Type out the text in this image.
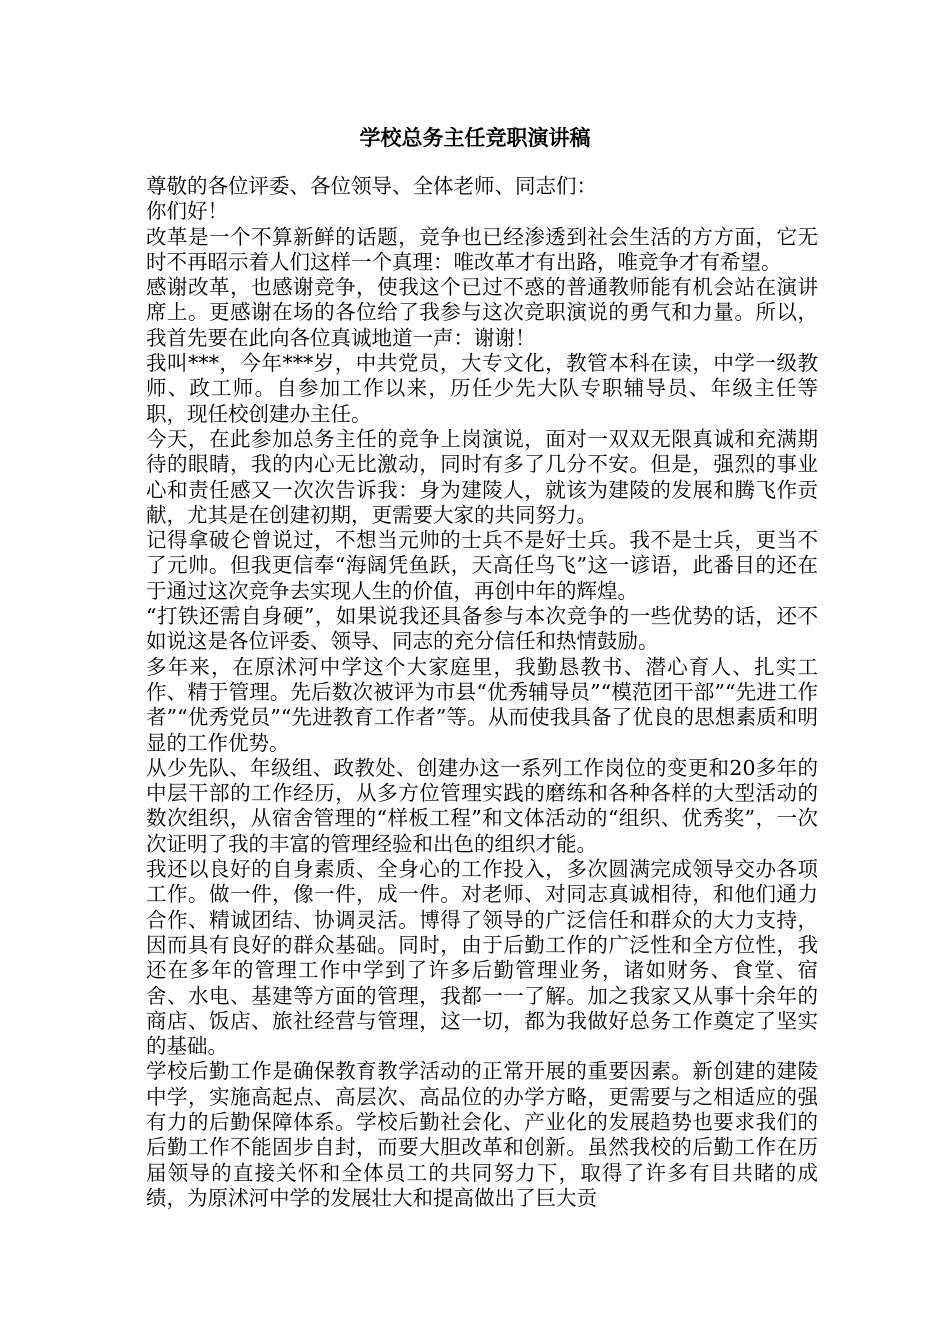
学校总务主任竞职演讲稿

尊敬的各位评委、各位领导、全体老师、同志们：

你们好！

改革是一个不算新鲜的话题，竞争也已经渗透到社会生活的方方面，它无时不再昭示着人们这样一个真理：唯改革才有出路，唯竞争才有希望。

感谢改革，也感谢竞争，使我这个已过不惑的普通教师能有机会站在演讲席上。更感谢在场的各位给了我参与这次竞职演说的勇气和力量。所以，我首先要在此向各位真诚地道一声：谢谢！

我叫***，今年***岁，中共党员，大专文化，教管本科在读，中学一级教师、政工师。自参加工作以来，历任少先大队专职辅导员、年级主任等职，现任校创建办主任。

今天，在此参加总务主任的竞争上岗演说，面对一双双无限真诚和充满期待的眼睛，我的内心无比激动，同时有多了几分不安。但是，强烈的事业心和责任感又一次次告诉我：身为建陵人，就该为建陵的发展和腾飞作贡献，尤其是在创建初期，更需要大家的共同努力。

记得拿破仑曾说过，不想当元帅的士兵不是好士兵。我不是士兵，更当不了元帅。但我更信奉“海阔凭鱼跃，天高任鸟飞”这一谚语，此番目的还在于通过这次竞争去实现人生的价值，再创中年的辉煌。

“打铁还需自身硬”，如果说我还具备参与本次竞争的一些优势的话，还不如说这是各位评委、领导、同志的充分信任和热情鼓励。

多年来，在原沭河中学这个大家庭里，我勤恳教书、潜心育人、扎实工作、精于管理。先后数次被评为市县“优秀辅导员”“模范团干部”“先进工作者”“优秀党员”“先进教育工作者”等。从而使我具备了优良的思想素质和明显的工作优势。

从少先队、年级组、政教处、创建办这一系列工作岗位的变更和20多年的中层干部的工作经历，从多方位管理实践的磨练和各种各样的大型活动的数次组织，从宿舍管理的“样板工程”和文体活动的“组织、优秀奖”，一次次证明了我的丰富的管理经验和出色的组织才能。

我还以良好的自身素质、全身心的工作投入，多次圆满完成领导交办各项工作。做一件，像一件，成一件。对老师、对同志真诚相待，和他们通力合作、精诚团结、协调灵活。博得了领导的广泛信任和群众的大力支持，因而具有良好的群众基础。同时，由于后勤工作的广泛性和全方位性，我还在多年的管理工作中学到了许多后勤管理业务，诸如财务、食堂、宿舍、水电、基建等方面的管理，我都一一了解。加之我家又从事十余年的商店、饭店、旅社经营与管理，这一切，都为我做好总务工作奠定了坚实的基础。

学校后勤工作是确保教育教学活动的正常开展的重要因素。新创建的建陵中学，实施高起点、高层次、高品位的办学方略，更需要与之相适应的强有力的后勤保障体系。学校后勤社会化、产业化的发展趋势也要求我们的后勤工作不能固步自封，而要大胆改革和创新。虽然我校的后勤工作在历届领导的直接关怀和全体员工的共同努力下，取得了许多有目共睹的成绩，为原沭河中学的发展壮大和提高做出了巨大贡
